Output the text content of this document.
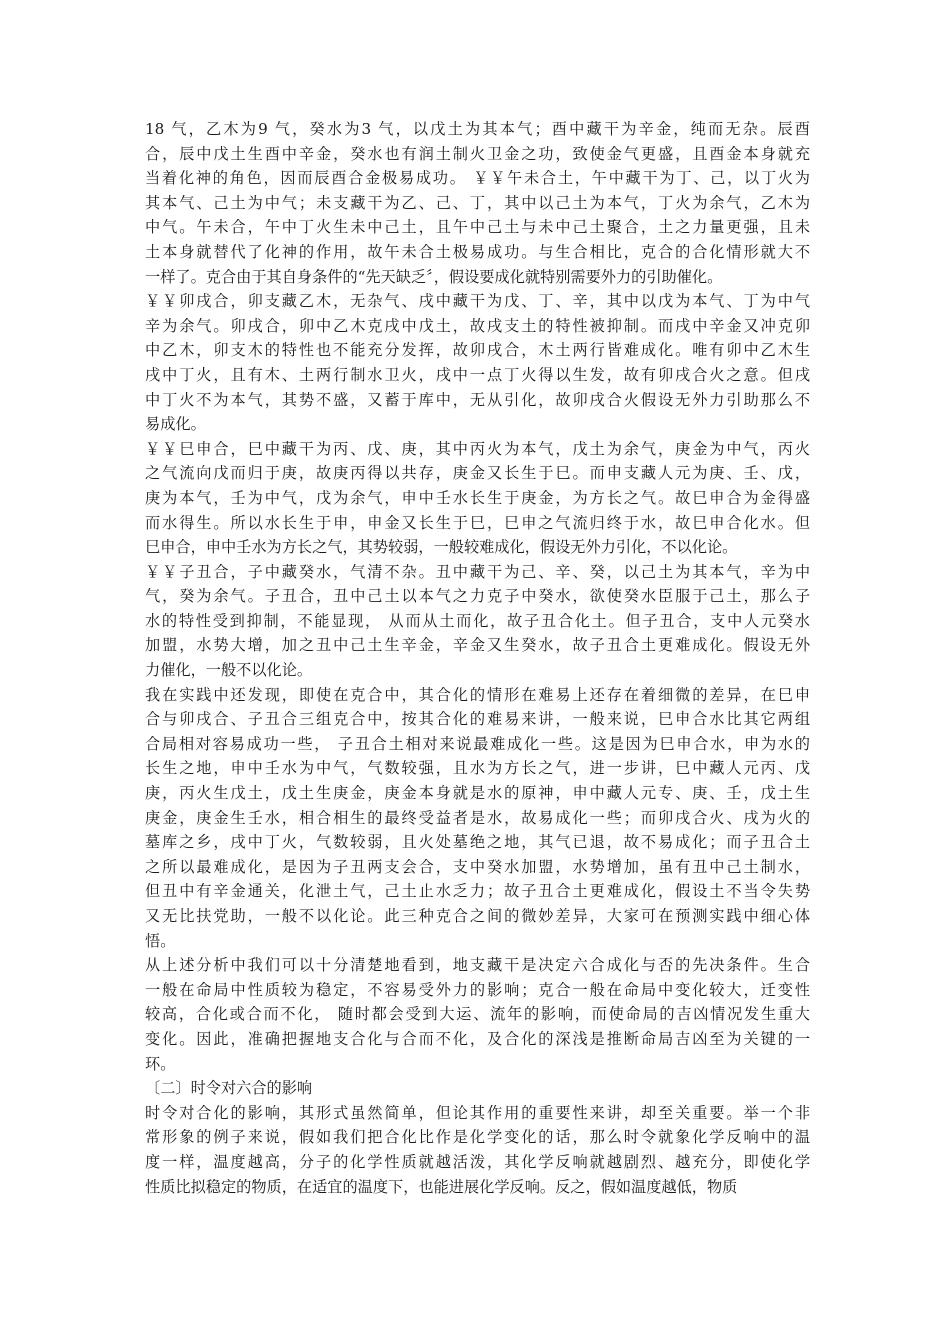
18 气，乙木为9 气，癸水为3 气，以戊土为其本气；酉中藏干为辛金，纯而无杂。辰酉
合，辰中戊土生酉中辛金，癸水也有润土制火卫金之功，致使金气更盛，且酉金本身就充
当着化神的角色，因而辰酉合金极易成功。 ￥￥午未合土，午中藏干为丁、己，以丁火为
其本气、己土为中气；未支藏干为乙、己、丁，其中以己土为本气，丁火为余气，乙木为
中气。午未合，午中丁火生未中己土，且午中己土与未中己土聚合，土之力量更强，且未
土本身就替代了化神的作用，故午未合土极易成功。与生合相比，克合的合化情形就大不
一样了。克合由于其自身条件的“先天缺乏〞，假设要成化就特别需要外力的引助催化。
￥￥卯戌合，卯支藏乙木，无杂气、戌中藏干为戊、丁、辛，其中以戊为本气、丁为中气
辛为余气。卯戌合，卯中乙木克戌中戊土，故戌支土的特性被抑制。而戌中辛金又冲克卯
中乙木，卯支木的特性也不能充分发挥，故卯戌合，木土两行皆难成化。唯有卯中乙木生
戌中丁火，且有木、土两行制水卫火，戌中一点丁火得以生发，故有卯戌合火之意。但戌
中丁火不为本气，其势不盛，又蓄于库中，无从引化，故卯戌合火假设无外力引助那么不
易成化。
￥￥巳申合，巳中藏干为丙、戊、庚，其中丙火为本气，戊土为余气，庚金为中气，丙火
之气流向戊而归于庚，故庚丙得以共存，庚金又长生于巳。而申支藏人元为庚、壬、戊，
庚为本气，壬为中气，戊为余气，申中壬水长生于庚金，为方长之气。故巳申合为金得盛
而水得生。所以水长生于申，申金又长生于巳，巳申之气流归终于水，故巳申合化水。但
巳申合，申中壬水为方长之气，其势较弱，一般较难成化，假设无外力引化，不以化论。
￥￥子丑合，子中藏癸水，气清不杂。丑中藏干为己、辛、癸，以己土为其本气，辛为中
气，癸为余气。子丑合，丑中己土以本气之力克子中癸水，欲使癸水臣服于己土，那么子
水的特性受到抑制，不能显现， 从而从土而化，故子丑合化土。但子丑合，支中人元癸水
加盟，水势大增，加之丑中己土生辛金，辛金又生癸水，故子丑合土更难成化。假设无外
力催化，一般不以化论。
我在实践中还发现，即使在克合中，其合化的情形在难易上还存在着细微的差异，在巳申
合与卯戌合、子丑合三组克合中，按其合化的难易来讲，一般来说，巳申合水比其它两组
合局相对容易成功一些， 子丑合土相对来说最难成化一些。这是因为巳申合水，申为水的
长生之地，申中壬水为中气，气数较强，且水为方长之气，进一步讲，巳中藏人元丙、戊
庚，丙火生戊土，戊土生庚金，庚金本身就是水的原神，申中藏人元专、庚、壬，戊土生
庚金，庚金生壬水，相合相生的最终受益者是水，故易成化一些；而卯戌合火、戌为火的
墓库之乡，戌中丁火，气数较弱，且火处墓绝之地，其气已退，故不易成化；而子丑合土
之所以最难成化，是因为子丑两支会合，支中癸水加盟，水势增加，虽有丑中己土制水，
但丑中有辛金通关，化泄土气，己土止水乏力；故子丑合土更难成化，假设土不当令失势
又无比扶党助，一般不以化论。此三种克合之间的微妙差异，大家可在预测实践中细心体
悟。
从上述分析中我们可以十分清楚地看到，地支藏干是决定六合成化与否的先决条件。生合
一般在命局中性质较为稳定，不容易受外力的影响；克合一般在命局中变化较大，迁变性
较高，合化或合而不化， 随时都会受到大运、流年的影响，而使命局的吉凶情况发生重大
变化。因此，准确把握地支合化与合而不化，及合化的深浅是推断命局吉凶至为关键的一
环。
〔二〕时令对六合的影响
时令对合化的影响，其形式虽然简单，但论其作用的重要性来讲，却至关重要。举一个非
常形象的例子来说，假如我们把合化比作是化学变化的话，那么时令就象化学反响中的温
度一样，温度越高，分子的化学性质就越活泼，其化学反响就越剧烈、越充分，即使化学
性质比拟稳定的物质，在适宜的温度下，也能进展化学反响。反之，假如温度越低，物质
